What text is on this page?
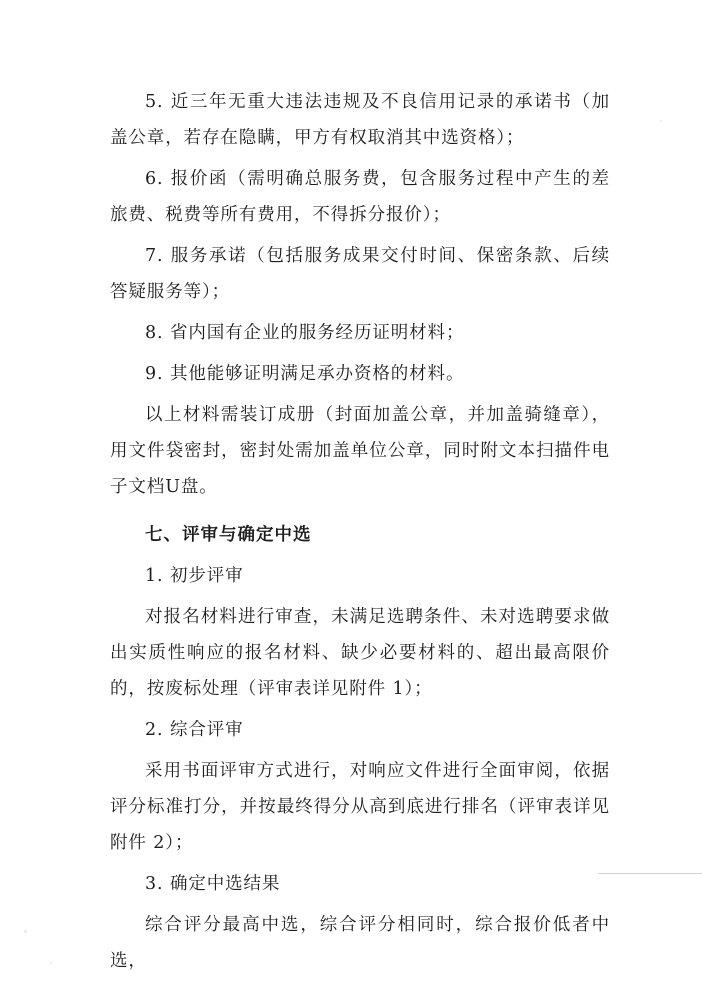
5. 近三年无重大违法违规及不良信用记录的承诺书（加盖公章，若存在隐瞒，甲方有权取消其中选资格）；

6. 报价函（需明确总服务费，包含服务过程中产生的差旅费、税费等所有费用，不得拆分报价）；

7. 服务承诺（包括服务成果交付时间、保密条款、后续答疑服务等）；

8. 省内国有企业的服务经历证明材料；

9. 其他能够证明满足承办资格的材料。

以上材料需装订成册（封面加盖公章，并加盖骑缝章），用文件袋密封，密封处需加盖单位公章，同时附文本扫描件电子文档U盘。

七、评审与确定中选

1. 初步评审

对报名材料进行审查，未满足选聘条件、未对选聘要求做出实质性响应的报名材料、缺少必要材料的、超出最高限价的，按废标处理（评审表详见附件 1）；

2. 综合评审

采用书面评审方式进行，对响应文件进行全面审阅，依据评分标准打分，并按最终得分从高到底进行排名（评审表详见附件 2）；

3. 确定中选结果

综合评分最高中选，综合评分相同时，综合报价低者中选，
